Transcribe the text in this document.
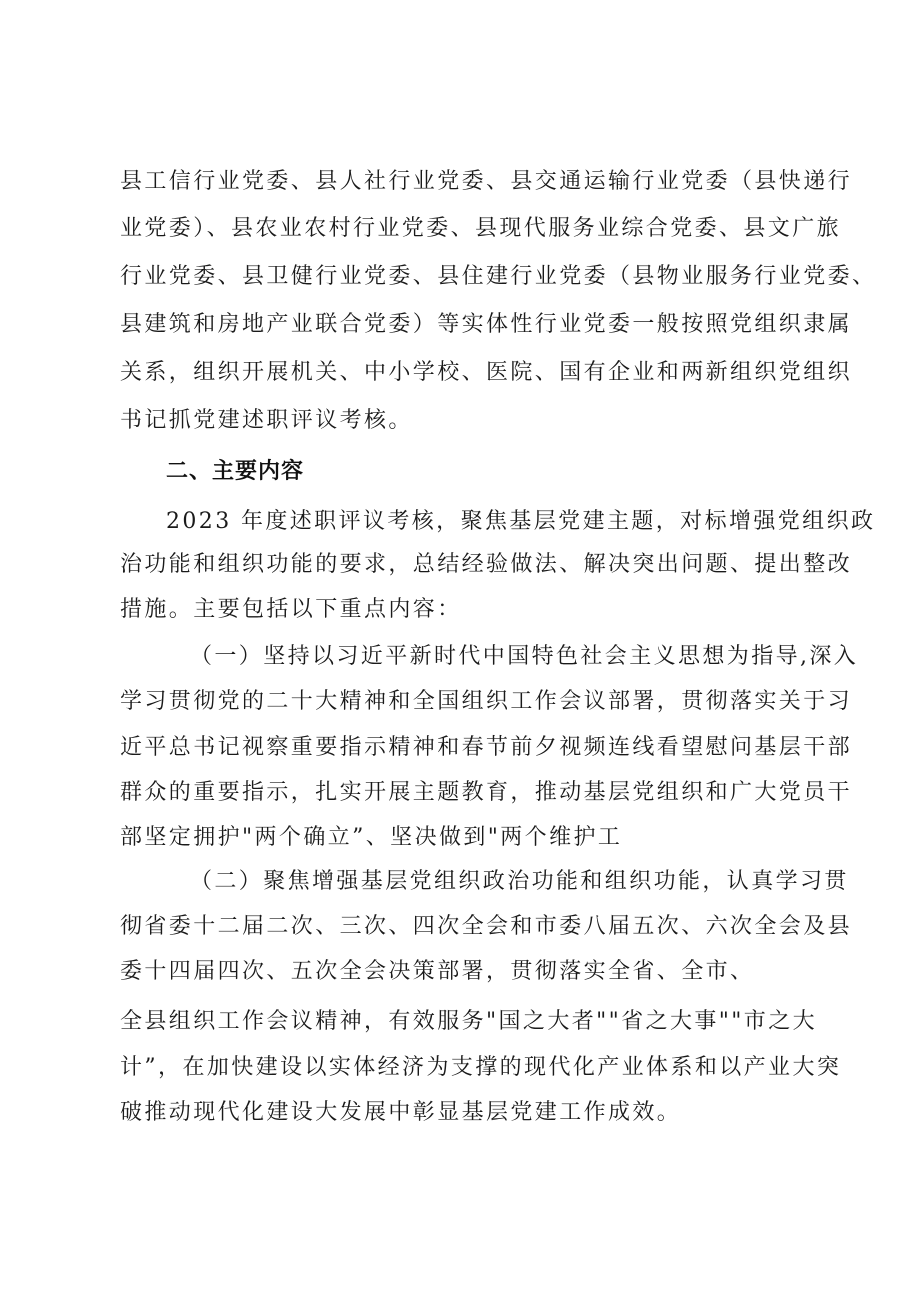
县工信行业党委、县人社行业党委、县交通运输行业党委（县快递行

业党委）、县农业农村行业党委、县现代服务业综合党委、县文广旅

行业党委、县卫健行业党委、县住建行业党委（县物业服务行业党委、

县建筑和房地产业联合党委）等实体性行业党委一般按照党组织隶属

关系，组织开展机关、中小学校、医院、国有企业和两新组织党组织

书记抓党建述职评议考核。

二、主要内容

2023 年度述职评议考核，聚焦基层党建主题，对标增强党组织政

治功能和组织功能的要求，总结经验做法、解决突出问题、提出整改

措施。主要包括以下重点内容：

（一）坚持以习近平新时代中国特色社会主义思想为指导,深入

学习贯彻党的二十大精神和全国组织工作会议部署，贯彻落实关于习

近平总书记视察重要指示精神和春节前夕视频连线看望慰问基层干部

群众的重要指示，扎实开展主题教育，推动基层党组织和广大党员干

部坚定拥护"两个确立”、坚决做到"两个维护工

（二）聚焦增强基层党组织政治功能和组织功能，认真学习贯

彻省委十二届二次、三次、四次全会和市委八届五次、六次全会及县

委十四届四次、五次全会决策部署，贯彻落实全省、全市、

全县组织工作会议精神，有效服务"国之大者""省之大事""市之大

计”，在加快建设以实体经济为支撑的现代化产业体系和以产业大突

破推动现代化建设大发展中彰显基层党建工作成效。
